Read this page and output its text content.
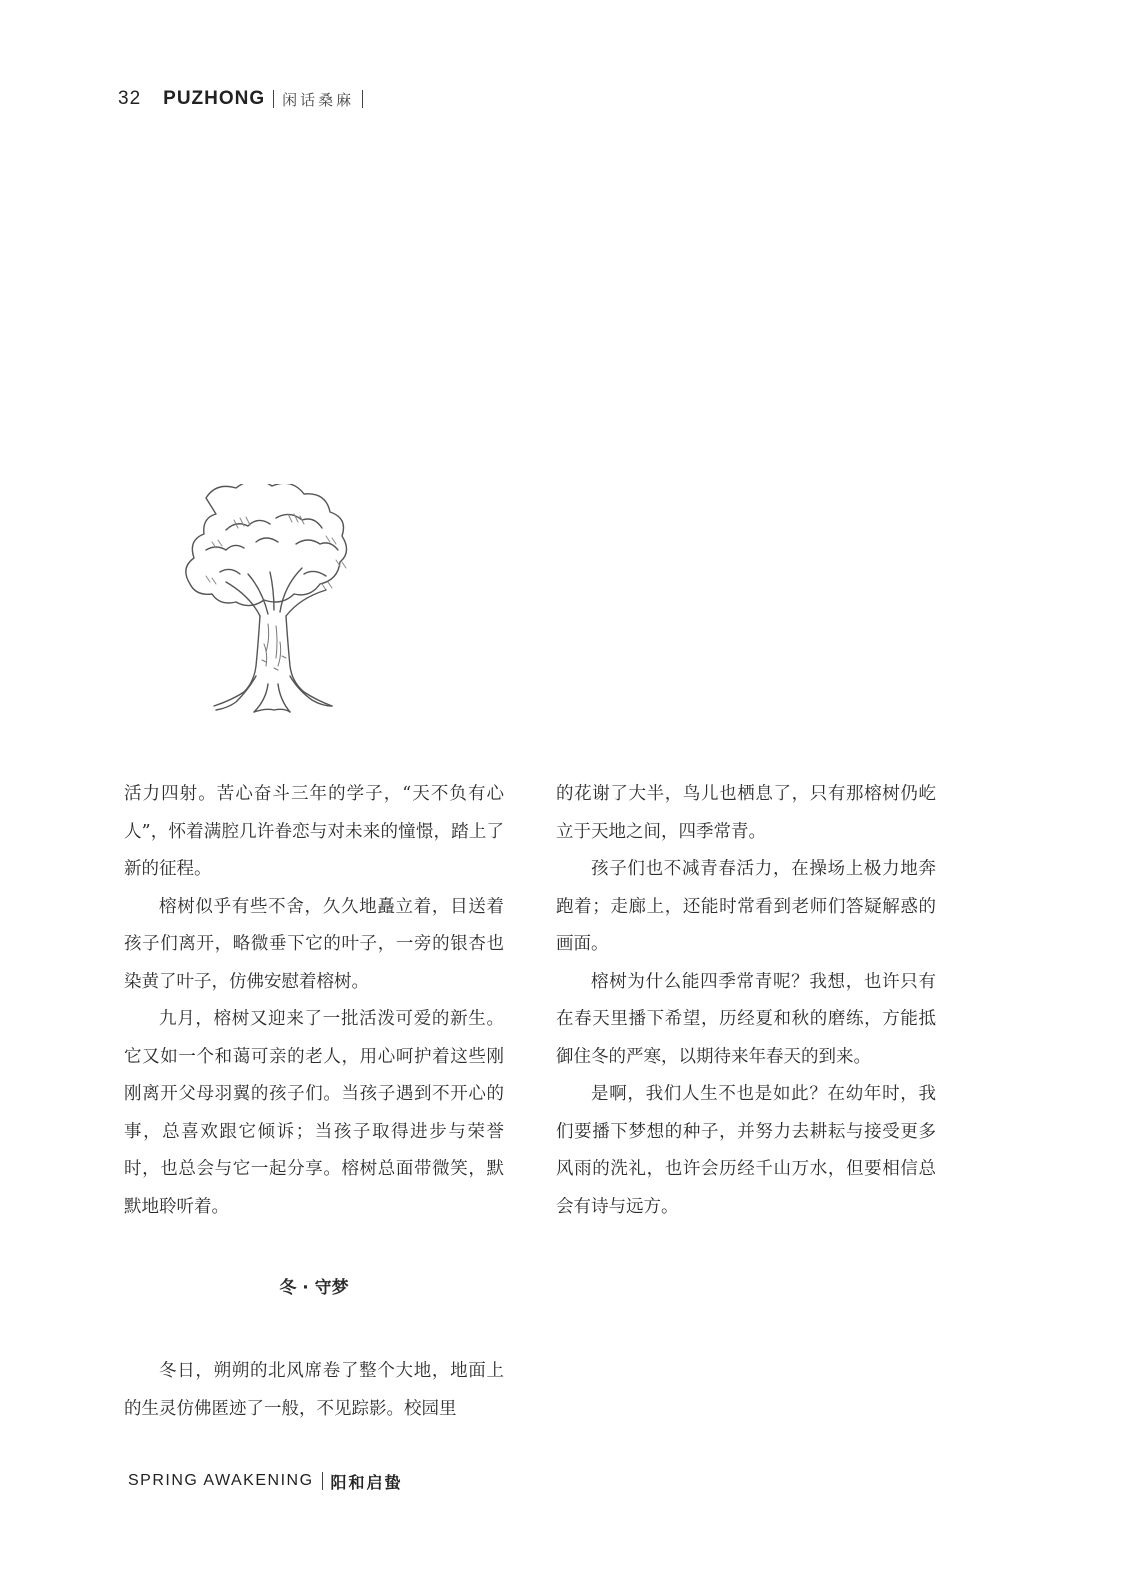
32 PUZHONG 闲话桑麻

活力四射。苦心奋斗三年的学子，“天不负有心人”，怀着满腔几许眷恋与对未来的憧憬，踏上了新的征程。

榕树似乎有些不舍，久久地矗立着，目送着孩子们离开，略微垂下它的叶子，一旁的银杏也染黄了叶子，仿佛安慰着榕树。

九月，榕树又迎来了一批活泼可爱的新生。它又如一个和蔼可亲的老人，用心呵护着这些刚刚离开父母羽翼的孩子们。当孩子遇到不开心的事，总喜欢跟它倾诉；当孩子取得进步与荣誉时，也总会与它一起分享。榕树总面带微笑，默默地聆听着。

冬 · 守梦

冬日，朔朔的北风席卷了整个大地，地面上的生灵仿佛匿迹了一般，不见踪影。校园里

的花谢了大半，鸟儿也栖息了，只有那榕树仍屹立于天地之间，四季常青。

孩子们也不减青春活力，在操场上极力地奔跑着；走廊上，还能时常看到老师们答疑解惑的画面。

榕树为什么能四季常青呢？我想，也许只有在春天里播下希望，历经夏和秋的磨练，方能抵御住冬的严寒，以期待来年春天的到来。

是啊，我们人生不也是如此？在幼年时，我们要播下梦想的种子，并努力去耕耘与接受更多风雨的洗礼，也许会历经千山万水，但要相信总会有诗与远方。

SPRING AWAKENING 阳和启蛰
